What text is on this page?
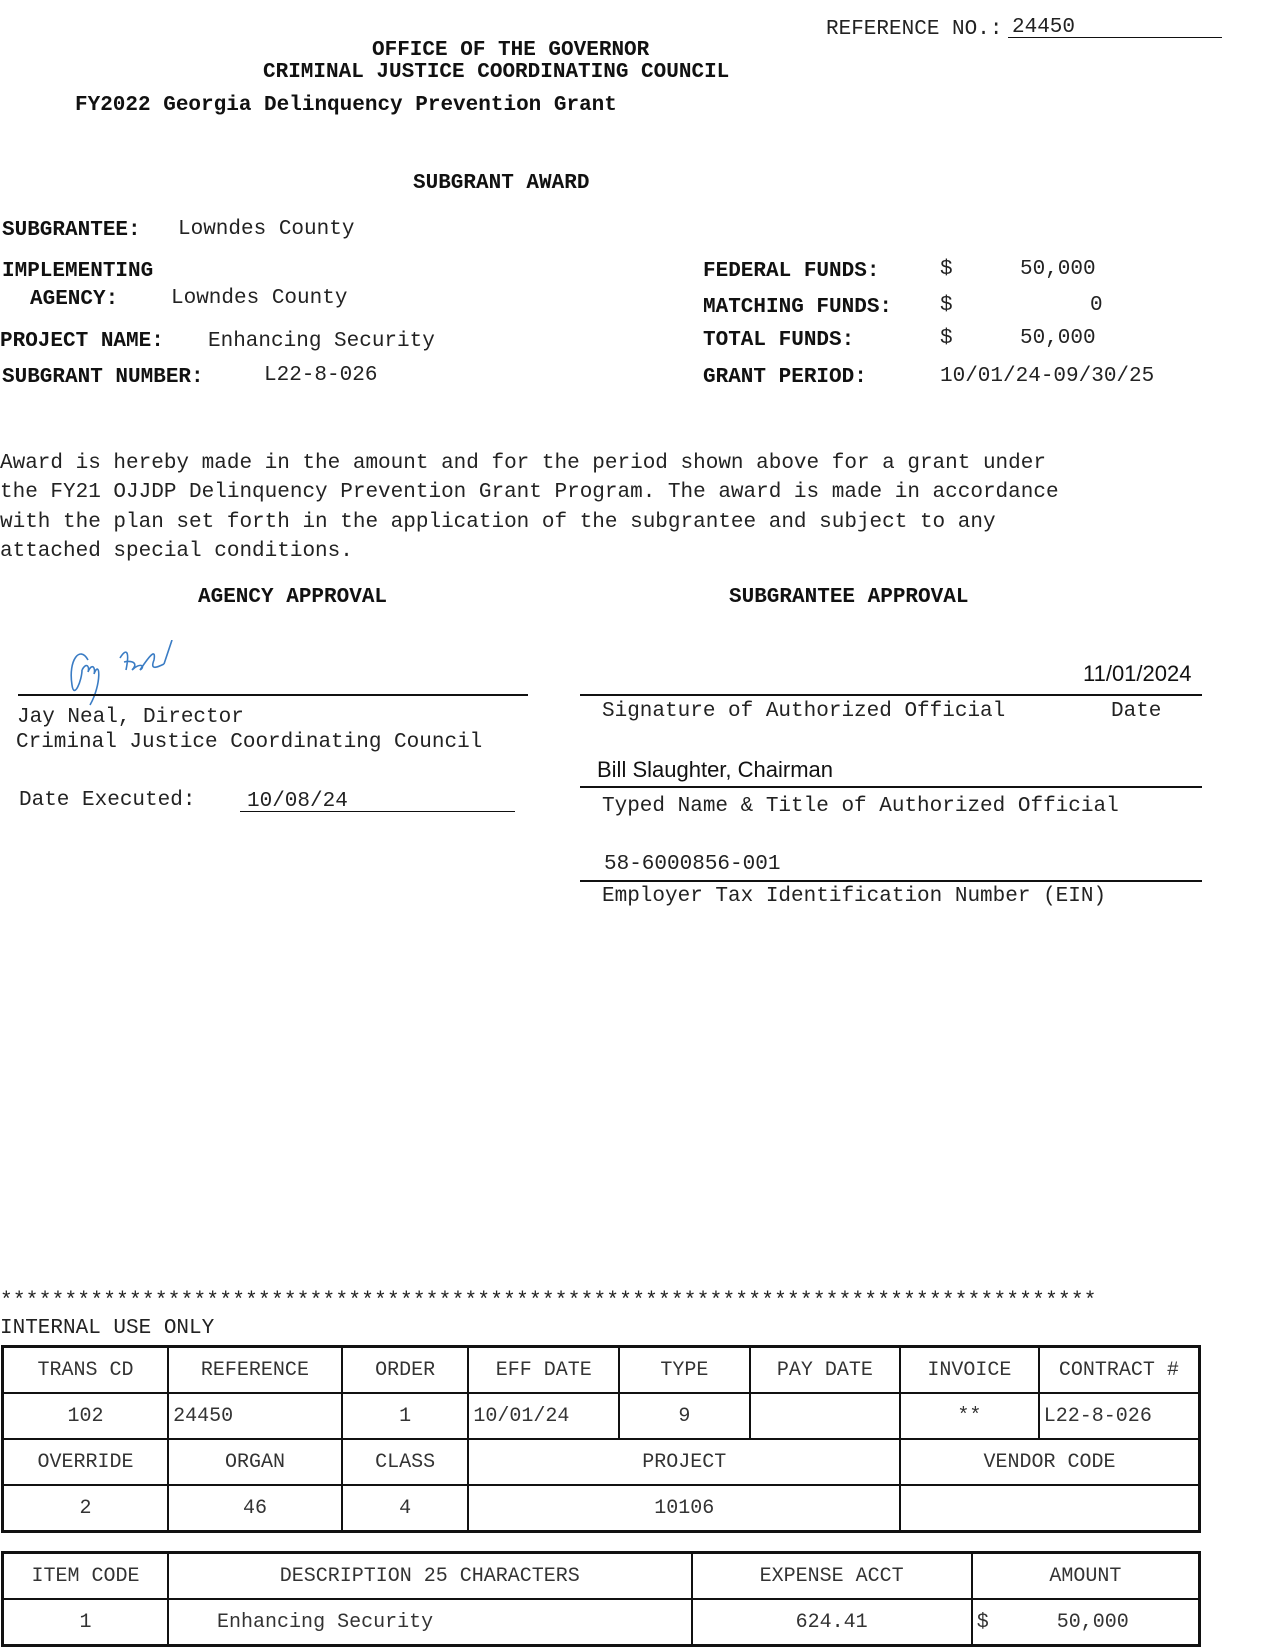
REFERENCE NO.: 24450
OFFICE OF THE GOVERNOR
CRIMINAL JUSTICE COORDINATING COUNCIL
FY2022 Georgia Delinquency Prevention Grant
SUBGRANT AWARD
SUBGRANTEE: Lowndes County
IMPLEMENTING
AGENCY:	Lowndes County
PROJECT NAME: Enhancing Security
SUBGRANT NUMBER:	L22-8-026
FEDERAL FUNDS:	$	50,000
MATCHING FUNDS: $	0
TOTAL FUNDS:	$	50,000
GRANT PERIOD:	10/01/24-09/30/25

Award is hereby made in the amount and for the period shown above for a grant under
the FY21 OJJDP Delinquency Prevention Grant Program. The award is made in accordance
with the plan set forth in the application of the subgrantee and subject to any
attached special conditions.

AGENCY APPROVAL	SUBGRANTEE APPROVAL
Jay Neal, Director
Criminal Justice Coordinating Council
Date Executed: 10/08/24
11/01/2024
Signature of Authorized Official	Date
Bill Slaughter, Chairman
Typed Name & Title of Authorized Official
58-6000856-001
Employer Tax Identification Number (EIN)
*************************************************************************************
INTERNAL USE ONLY
TRANS CD	REFERENCE	ORDER	EFF DATE	TYPE	PAY DATE	INVOICE	CONTRACT #
102	24450	1	10/01/24	9		**	L22-8-026
OVERRIDE	ORGAN	CLASS	PROJECT			VENDOR CODE	
2	46	4	10106				
ITEM CODE	DESCRIPTION 25 CHARACTERS	EXPENSE ACCT	AMOUNT
1	Enhancing Security	624.41	$ 50,000
